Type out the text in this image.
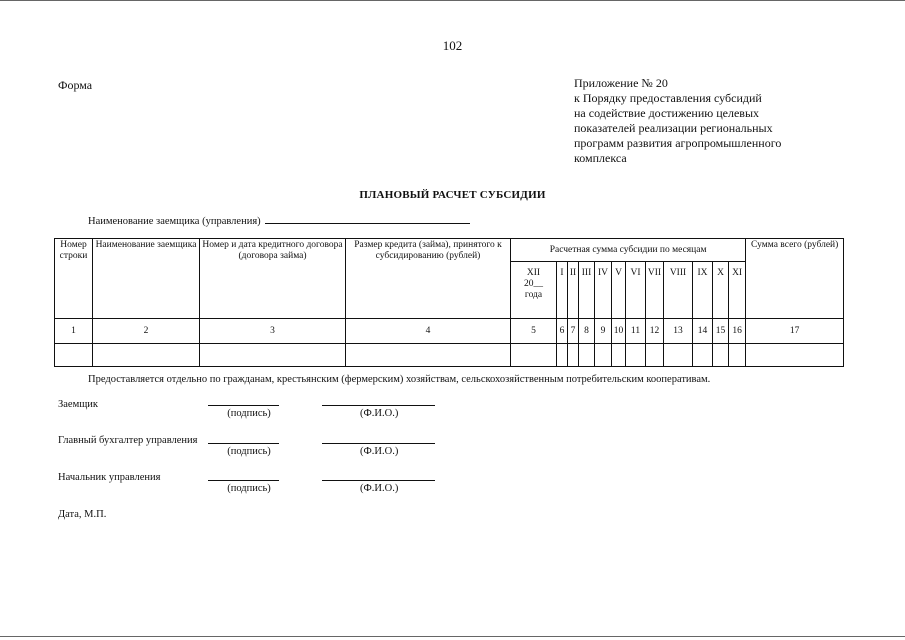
102
Форма	Приложение № 20
к Порядку предоставления субсидий
на содействие достижению целевых
показателей реализации региональных
программ развития агропромышленного
комплекса
ПЛАНОВЫЙ РАСЧЕТ СУБСИДИИ
Наименование заемщика (управления)
Номер строки	Наименование заемщика	Номер и дата кредитного договора (договора займа)	Размер кредита (займа), принятого к субсидированию (рублей)	Расчетная сумма субсидии по месяцам												Сумма всего (рублей)

				XII
20__
года	I	II	III	IV	V	VI	VII	VIII	IX	X	XI	
1	2	3	4	5	6	7	8	9	10	11	12	13	14	15	16	17

Предоставляется отдельно по гражданам, крестьянским (фермерским) хозяйствам, сельскохозяйственным потребительским кооперативам.
Заемщик
(подпись)	(Ф.И.О.)
Главный бухгалтер управления
(подпись)	(Ф.И.О.)
Начальник управления
(подпись)	(Ф.И.О.)
Дата, М.П.
